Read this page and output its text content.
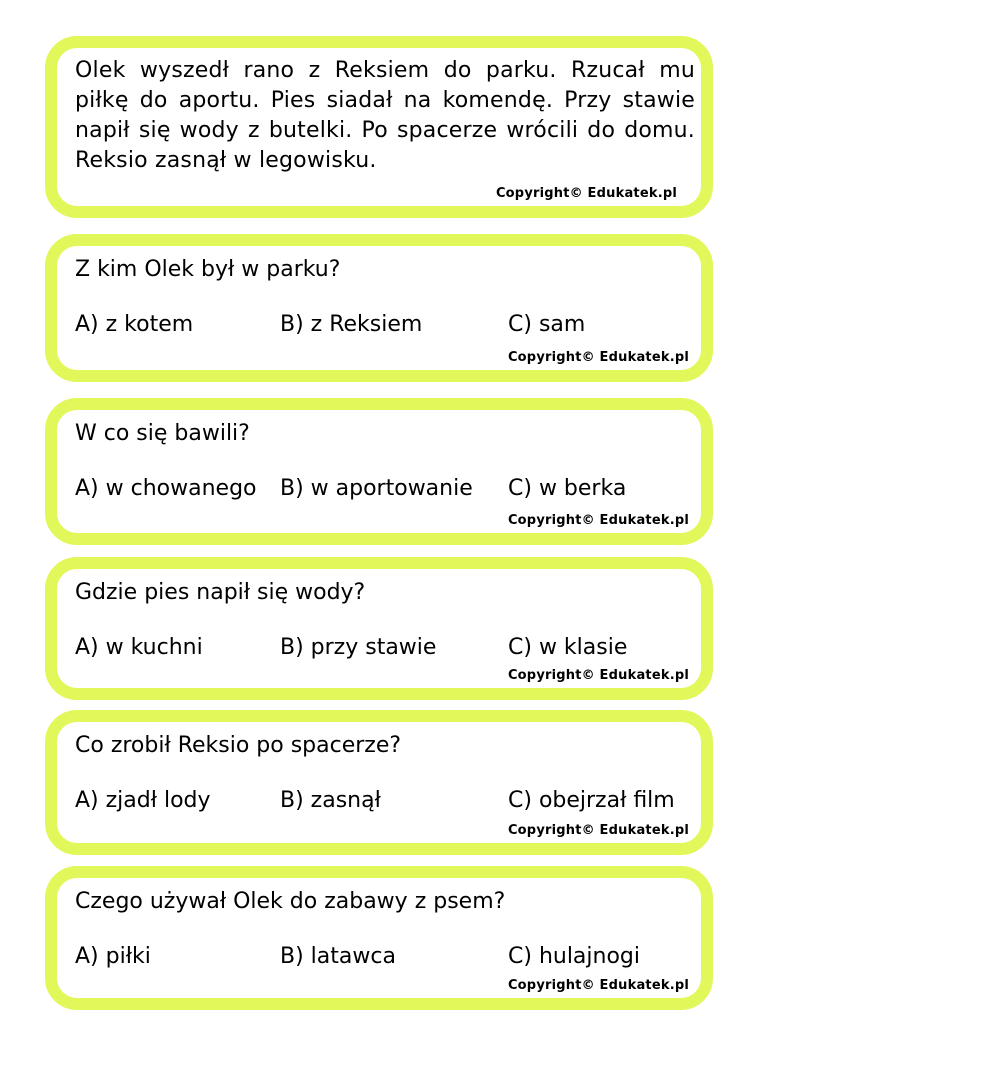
Olek wyszedł rano z Reksiem do parku. Rzucał mu piłkę do aportu. Pies siadał na komendę. Przy stawie napił się wody z butelki. Po spacerze wrócili do domu. Reksio zasnął w legowisku.

Copyright© Edukatek.pl
Z kim Olek był w parku?
A) z kotem	B) z Reksiem	C) sam
Copyright© Edukatek.pl
W co się bawili?
A) w chowanego	B) w aportowanie	C) w berka
Copyright© Edukatek.pl
Gdzie pies napił się wody?
A) w kuchni	B) przy stawie	C) w klasie
Copyright© Edukatek.pl
Co zrobił Reksio po spacerze?
A) zjadł lody	B) zasnął	C) obejrzał film
Copyright© Edukatek.pl
Czego używał Olek do zabawy z psem?
A) piłki	B) latawca	C) hulajnogi
Copyright© Edukatek.pl
